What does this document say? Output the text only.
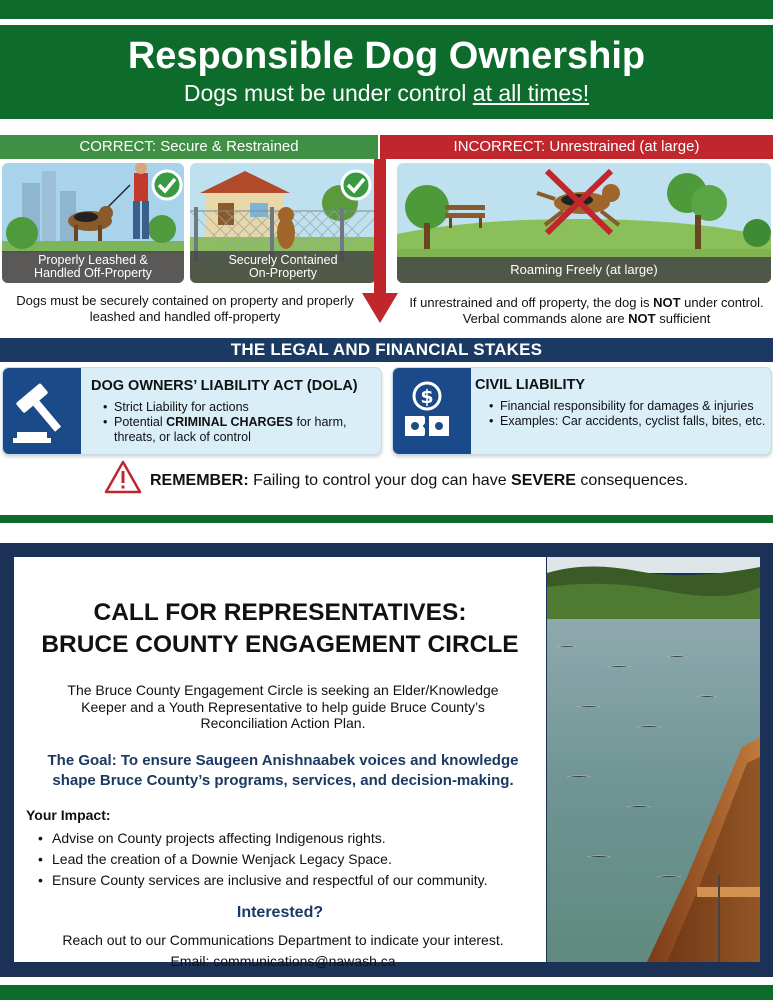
Responsible Dog Ownership
Dogs must be under control at all times!
CORRECT: Secure & Restrained	INCORRECT: Unrestrained (at large)
Properly Leashed &
Handled Off-Property
Securely Contained
On-Property	Roaming Freely (at large)
Dogs must be securely contained on property and properly leashed and handled off-property
If unrestrained and off property, the dog is NOT under control. Verbal commands alone are NOT sufficient
THE LEGAL AND FINANCIAL STAKES
DOG OWNERS’ LIABILITY ACT (DOLA)
• Strict Liability for actions
• Potential CRIMINAL CHARGES for harm, threats, or lack of control
$
CIVIL LIABILITY
• Financial responsibility for damages & injuries
• Examples: Car accidents, cyclist falls, bites, etc.
REMEMBER: Failing to control your dog can have SEVERE consequences.
CALL FOR REPRESENTATIVES:
BRUCE COUNTY ENGAGEMENT CIRCLE
The Bruce County Engagement Circle is seeking an Elder/Knowledge Keeper and a Youth Representative to help guide Bruce County’s Reconciliation Action Plan.
The Goal: To ensure Saugeen Anishnaabek voices and knowledge shape Bruce County’s programs, services, and decision-making.
Your Impact:
• Advise on County projects affecting Indigenous rights.
• Lead the creation of a Downie Wenjack Legacy Space.
• Ensure County services are inclusive and respectful of our community.
Interested?
Reach out to our Communications Department to indicate your interest.
Email: communications@nawash.ca
